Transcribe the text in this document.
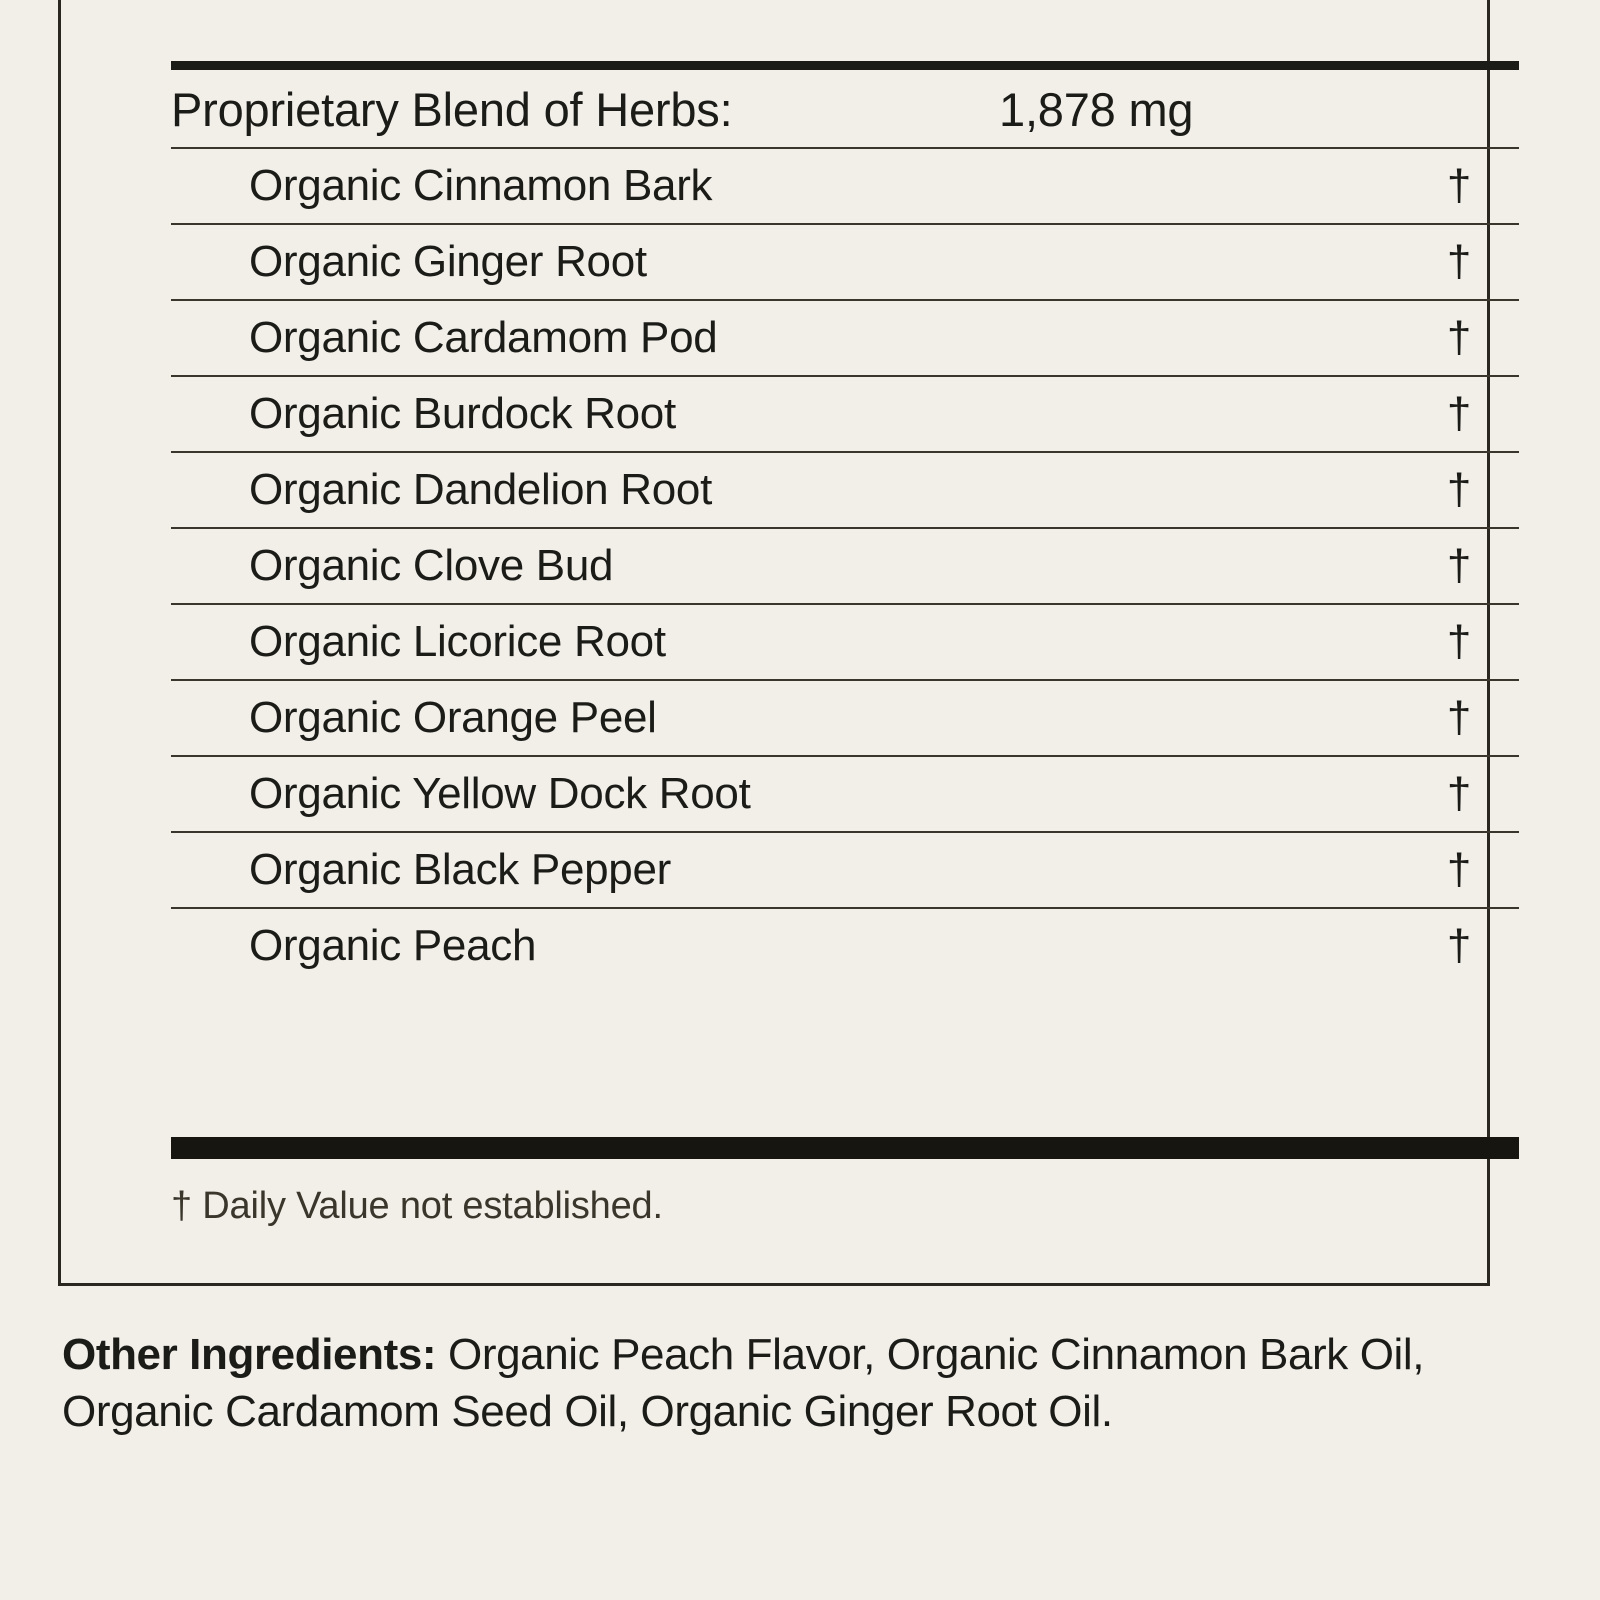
Proprietary Blend of Herbs:	1,878 mg	
Organic Cinnamon Bark		†
Organic Ginger Root		†
Organic Cardamom Pod		†
Organic Burdock Root		†
Organic Dandelion Root		†
Organic Clove Bud		†
Organic Licorice Root		†
Organic Orange Peel		†
Organic Yellow Dock Root		†
Organic Black Pepper		†
Organic Peach		†
† Daily Value not established.
Other Ingredients: Organic Peach Flavor, Organic Cinnamon Bark Oil, Organic Cardamom Seed Oil, Organic Ginger Root Oil.
